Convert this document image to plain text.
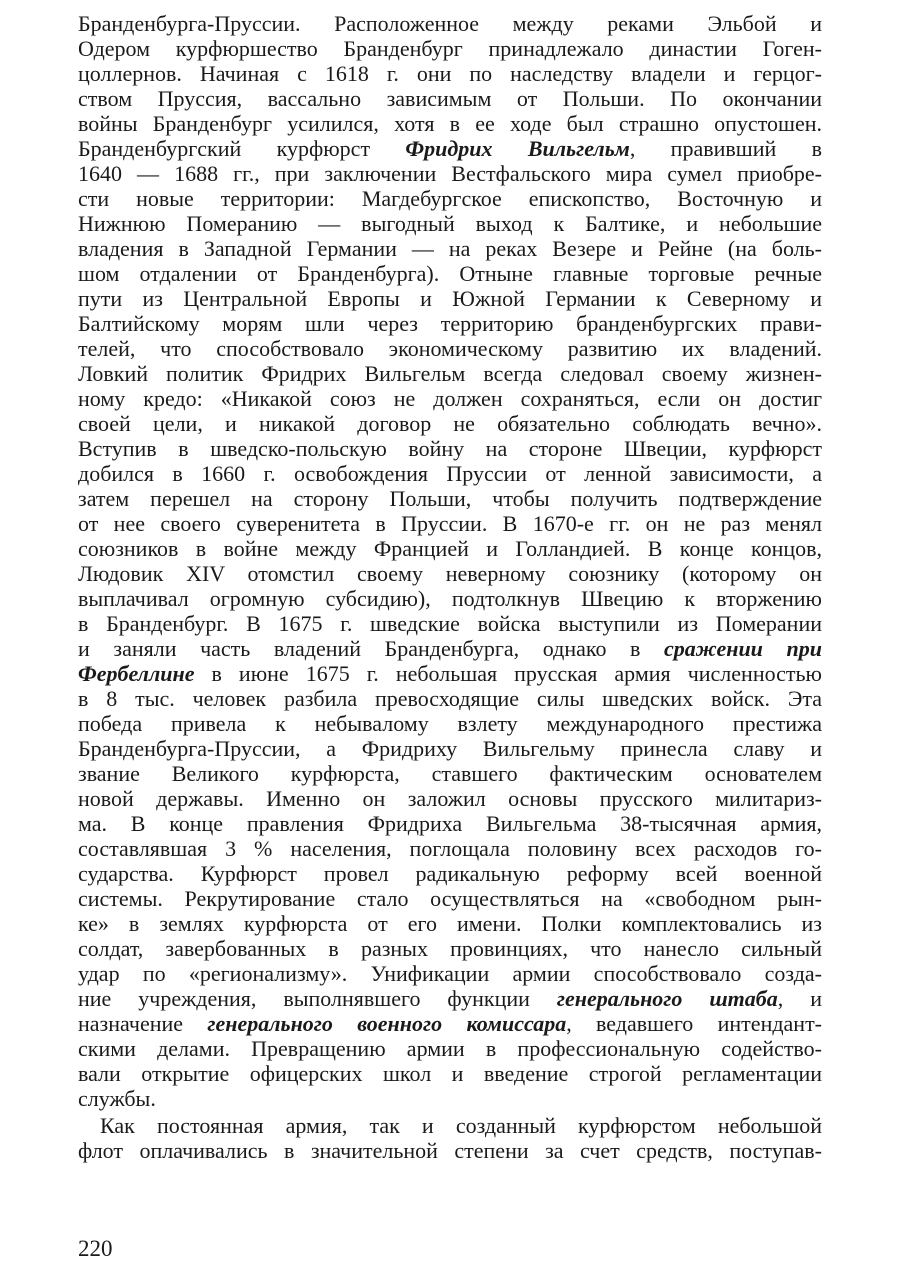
Бранденбурга-Пруссии. Расположенное между реками Эльбой и
Одером курфюршество Бранденбург принадлежало династии Гоген-
цоллернов. Начиная с 1618 г. они по наследству владели и герцог-
ством Пруссия, вассально зависимым от Польши. По окончании
войны Бранденбург усилился, хотя в ее ходе был страшно опустошен.
Бранденбургский курфюрст Фридрих Вильгельм, правивший в
1640 — 1688 гг., при заключении Вестфальского мира сумел приобре-
сти новые территории: Магдебургское епископство, Восточную и
Нижнюю Померанию — выгодный выход к Балтике, и небольшие
владения в Западной Германии — на реках Везере и Рейне (на боль-
шом отдалении от Бранденбурга). Отныне главные торговые речные
пути из Центральной Европы и Южной Германии к Северному и
Балтийскому морям шли через территорию бранденбургских прави-
телей, что способствовало экономическому развитию их владений.
Ловкий политик Фридрих Вильгельм всегда следовал своему жизнен-
ному кредо: «Никакой союз не должен сохраняться, если он достиг
своей цели, и никакой договор не обязательно соблюдать вечно».
Вступив в шведско-польскую войну на стороне Швеции, курфюрст
добился в 1660 г. освобождения Пруссии от ленной зависимости, а
затем перешел на сторону Польши, чтобы получить подтверждение
от нее своего суверенитета в Пруссии. В 1670-е гг. он не раз менял
союзников в войне между Францией и Голландией. В конце концов,
Людовик XIV отомстил своему неверному союзнику (которому он
выплачивал огромную субсидию), подтолкнув Швецию к вторжению
в Бранденбург. В 1675 г. шведские войска выступили из Померании
и заняли часть владений Бранденбурга, однако в сражении при
Фербеллине в июне 1675 г. небольшая прусская армия численностью
в 8 тыс. человек разбила превосходящие силы шведских войск. Эта
победа привела к небывалому взлету международного престижа
Бранденбурга-Пруссии, а Фридриху Вильгельму принесла славу и
звание Великого курфюрста, ставшего фактическим основателем
новой державы. Именно он заложил основы прусского милитариз-
ма. В конце правления Фридриха Вильгельма 38-тысячная армия,
составлявшая 3 % населения, поглощала половину всех расходов го-
сударства. Курфюрст провел радикальную реформу всей военной
системы. Рекрутирование стало осуществляться на «свободном рын-
ке» в землях курфюрста от его имени. Полки комплектовались из
солдат, завербованных в разных провинциях, что нанесло сильный
удар по «регионализму». Унификации армии способствовало созда-
ние учреждения, выполнявшего функции генерального штаба, и
назначение генерального военного комиссара, ведавшего интендант-
скими делами. Превращению армии в профессиональную содейство-
вали открытие офицерских школ и введение строгой регламентации
службы.
Как постоянная армия, так и созданный курфюрстом небольшой
флот оплачивались в значительной степени за счет средств, поступав-
220
